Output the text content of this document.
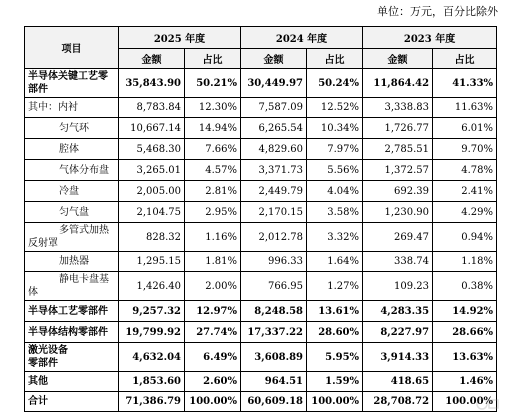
单位：万元，百分比除外
项目	2025 年度		2024 年度		2023 年度	
	金额	占比	金额	占比	金额	占比

半导体关键工艺零
部件	35,843.90	50.21%	30,449.97	50.24%	11,864.42	41.33%
其中：内衬	8,783.84	12.30%	7,587.09	12.52%	3,338.83	11.63%
匀气环	10,667.14	14.94%	6,265.54	10.34%	1,726.77	6.01%
腔体	5,468.30	7.66%	4,829.60	7.97%	2,785.51	9.70%
气体分布盘	3,265.01	4.57%	3,371.73	5.56%	1,372.57	4.78%
冷盘	2,005.00	2.81%	2,449.79	4.04%	692.39	2.41%
匀气盘	2,104.75	2.95%	2,170.15	3.58%	1,230.90	4.29%

多管式加热
反射罩	828.32	1.16%	2,012.78	3.32%	269.47	0.94%
加热器	1,295.15	1.81%	996.33	1.64%	338.74	1.18%

静电卡盘基
体	1,426.40	2.00%	766.95	1.27%	109.23	0.38%
半导体工艺零部件	9,257.32	12.97%	8,248.58	13.61%	4,283.35	14.92%
半导体结构零部件	19,799.92	27.74%	17,337.22	28.60%	8,227.97	28.66%

激光设备
零部件	4,632.04	6.49%	3,608.89	5.95%	3,914.33	13.63%
其他	1,853.60	2.60%	964.51	1.59%	418.65	1.46%
合计	71,386.79	100.00%	60,609.18	100.00%	28,708.72	100.00%
